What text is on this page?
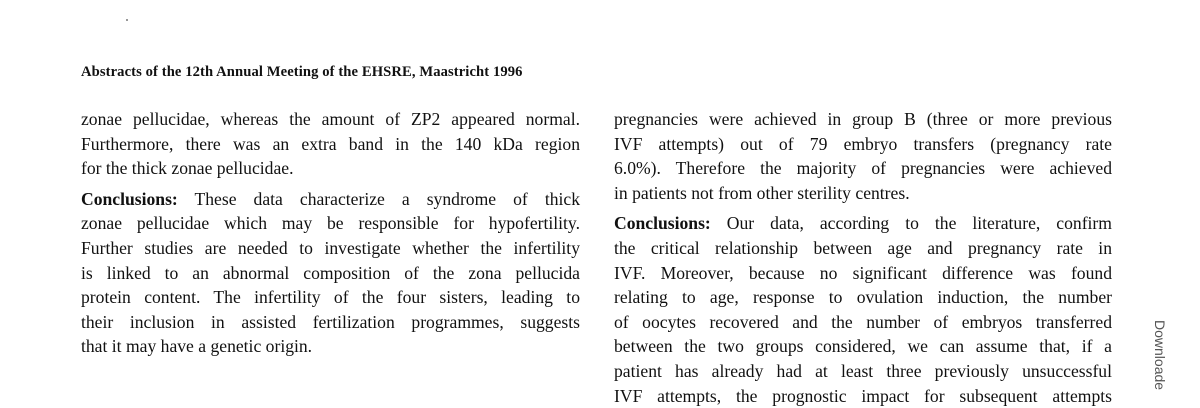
Abstracts of the 12th Annual Meeting of the EHSRE, Maastricht 1996
zonae pellucidae, whereas the amount of ZP2 appeared normal.
Furthermore, there was an extra band in the 140 kDa region
for the thick zonae pellucidae.
Conclusions: These data characterize a syndrome of thick
zonae pellucidae which may be responsible for hypofertility.
Further studies are needed to investigate whether the infertility
is linked to an abnormal composition of the zona pellucida
protein content. The infertility of the four sisters, leading to
their inclusion in assisted fertilization programmes, suggests
that it may have a genetic origin.
pregnancies were achieved in group B (three or more previous
IVF attempts) out of 79 embryo transfers (pregnancy rate
6.0%). Therefore the majority of pregnancies were achieved
in patients not from other sterility centres.
Conclusions: Our data, according to the literature, confirm
the critical relationship between age and pregnancy rate in
IVF. Moreover, because no significant difference was found
relating to age, response to ovulation induction, the number
of oocytes recovered and the number of embryos transferred
between the two groups considered, we can assume that, if a
patient has already had at least three previously unsuccessful
IVF attempts, the prognostic impact for subsequent attempts
Downloade
